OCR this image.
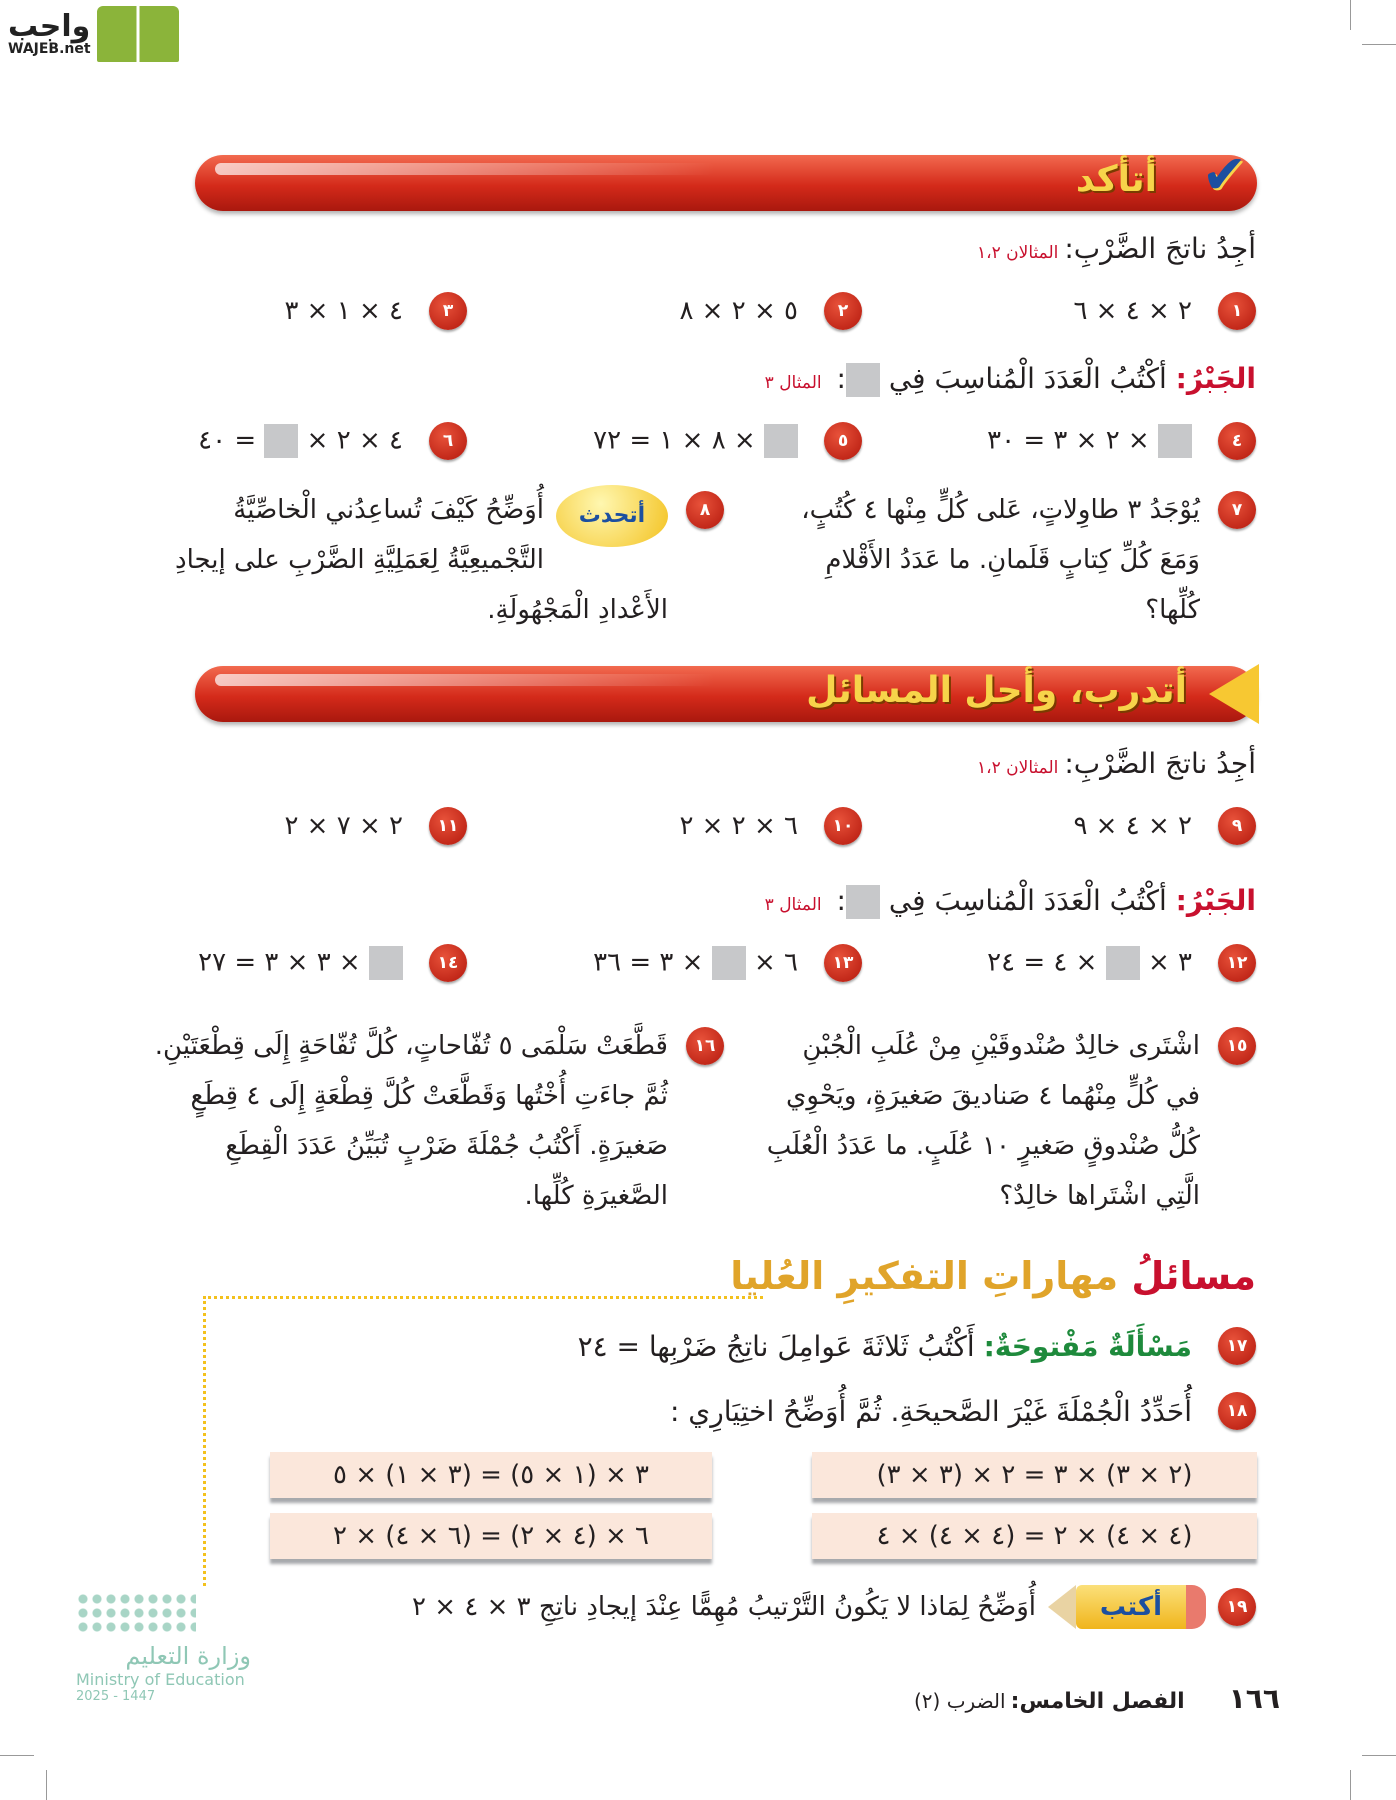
واجب
WAJEB.net
أتأكد ✔
أجِدُ ناتجَ الضَّرْبِ:المثالان ١،٢
١
٢ × ٤ × ٦
٢
٥ × ٢ × ٨
٣
٤ × ١ × ٣
الجَبْرُ: أكْتُبُ الْعَدَدَ الْمُناسِبَ فِي : المثال ٣
٤
× ٢ × ٣ = ٣٠
٥
× ٨ × ١ = ٧٢
٦
٤ × ٢ ×  = ٤٠
٧
يُوْجَدُ ٣ طاوِلاتٍ، عَلى كُلٍّ مِنْها ٤ كُتُبٍ، وَمَعَ كُلِّ كِتابٍ قَلَمانِ. ما عَدَدُ الأَقْلامِ كُلِّها؟
٨
أتحدث
أُوَضِّحُ كَيْفَ تُساعِدُني الْخاصِّيَّةُ التَّجْميعِيَّةُ لِعَمَلِيَّةِ الضَّرْبِ على إيجادِ الأَعْدادِ الْمَجْهُولَةِ.
أتدرب، وأحل المسائل
أجِدُ ناتجَ الضَّرْبِ:المثالان ١،٢
٩
٢ × ٤ × ٩
١٠
٦ × ٢ × ٢
١١
٢ × ٧ × ٢
الجَبْرُ: أكْتُبُ الْعَدَدَ الْمُناسِبَ فِي : المثال ٣
١٢
٣ ×  × ٤ = ٢٤
١٣
٦ ×  × ٣ = ٣٦
١٤
× ٣ × ٣ = ٢٧
١٥
اشْتَرى خالِدٌ صُنْدوقَيْنِ مِنْ عُلَبِ الْجُبْنِ في كُلٍّ مِنْهُما ٤ صَناديقَ صَغيرَةٍ، ويَحْوِي كُلُّ صُنْدوقٍ صَغيرٍ ١٠ عُلَبٍ. ما عَدَدُ الْعُلَبِ الَّتِي اشْتَراها خالِدٌ؟
١٦
قَطَّعَتْ سَلْمَى ٥ تُفّاحاتٍ، كُلَّ تُفّاحَةٍ إِلَى قِطْعَتَيْنِ. ثُمَّ جاءَتِ أُخْتُها وَقَطَّعَتْ كُلَّ قِطْعَةٍ إِلَى ٤ قِطَعٍ صَغيرَةٍ. أَكْتُبُ جُمْلَةَ ضَرْبٍ تُبَيِّنُ عَدَدَ الْقِطَعِ الصَّغيرَةِ كُلِّها.
مسائلُ مهاراتِ التفكيرِ العُليا
١٧
مَسْأَلَةٌ مَفْتوحَةٌ: أَكْتُبُ ثَلاثَةَ عَوامِلَ ناتِجُ ضَرْبِها = ٢٤
١٨
أُحَدِّدُ الْجُمْلَةَ غَيْرَ الصَّحيحَةِ. ثُمَّ أُوَضِّحُ اختِيَارِي :
(٢ × ٣) × ٣ = ٢ × (٣ × ٣)
٣ × (١ × ٥) = (٣ × ١) × ٥
(٤ × ٤) × ٢ = (٤ × ٤) × ٤
٦ × (٤ × ٢) = (٦ × ٤) × ٢
١٩
أكتب
أُوَضِّحُ لِمَاذا لا يَكُونُ التَّرْتيبُ مُهِمًّا عِنْدَ إيجادِ ناتِجِ ٣ × ٤ × ٢
وزارة التعليم
Ministry of Education
2025 - 1447	١٦٦
الفصل الخامس: الضرب (٢)
